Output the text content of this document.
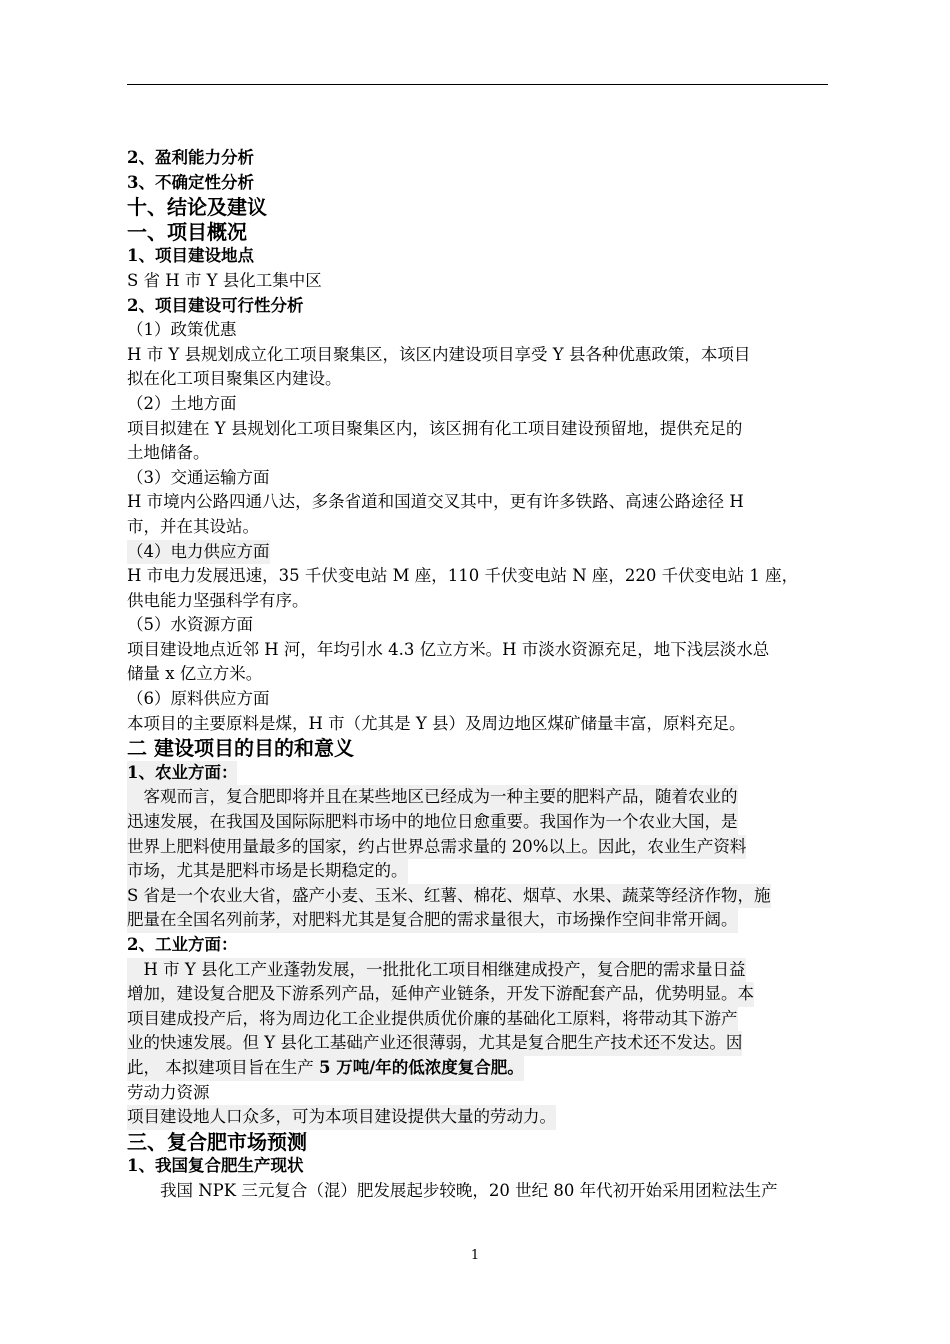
2、盈利能力分析
3、不确定性分析
十、结论及建议
一、项目概况
1、项目建设地点
S 省 H 市 Y 县化工集中区
2、项目建设可行性分析
（1）政策优惠
H 市 Y 县规划成立化工项目聚集区，该区内建设项目享受 Y 县各种优惠政策，本项目
拟在化工项目聚集区内建设。
（2）土地方面
项目拟建在 Y 县规划化工项目聚集区内，该区拥有化工项目建设预留地，提供充足的
土地储备。
（3）交通运输方面
H 市境内公路四通八达，多条省道和国道交叉其中，更有许多铁路、高速公路途径 H
市，并在其设站。
（4）电力供应方面
H 市电力发展迅速，35 千伏变电站 M 座，110 千伏变电站 N 座，220 千伏变电站 1 座，
供电能力坚强科学有序。
（5）水资源方面
项目建设地点近邻 H 河，年均引水 4.3 亿立方米。H 市淡水资源充足，地下浅层淡水总
储量 x 亿立方米。
（6）原料供应方面
本项目的主要原料是煤，H 市（尤其是 Y 县）及周边地区煤矿储量丰富，原料充足。
二 建设项目的目的和意义
1、农业方面：
　客观而言，复合肥即将并且在某些地区已经成为一种主要的肥料产品，随着农业的
迅速发展，在我国及国际际肥料市场中的地位日愈重要。我国作为一个农业大国，是
世界上肥料使用量最多的国家，约占世界总需求量的 20%以上。因此，农业生产资料
市场，尤其是肥料市场是长期稳定的。
S 省是一个农业大省，盛产小麦、玉米、红薯、棉花、烟草、水果、蔬菜等经济作物，施
肥量在全国名列前茅，对肥料尤其是复合肥的需求量很大，市场操作空间非常开阔。
2、工业方面：
　H 市 Y 县化工产业蓬勃发展，一批批化工项目相继建成投产，复合肥的需求量日益
增加，建设复合肥及下游系列产品，延伸产业链条，开发下游配套产品，优势明显。本
项目建成投产后，将为周边化工企业提供质优价廉的基础化工原料，将带动其下游产
业的快速发展。但 Y 县化工基础产业还很薄弱，尤其是复合肥生产技术还不发达。因
此， 本拟建项目旨在生产 5 万吨/年的低浓度复合肥。
劳动力资源
项目建设地人口众多，可为本项目建设提供大量的劳动力。
三、复合肥市场预测
1、我国复合肥生产现状
　　我国 NPK 三元复合（混）肥发展起步较晚，20 世纪 80 年代初开始采用团粒法生产
1
